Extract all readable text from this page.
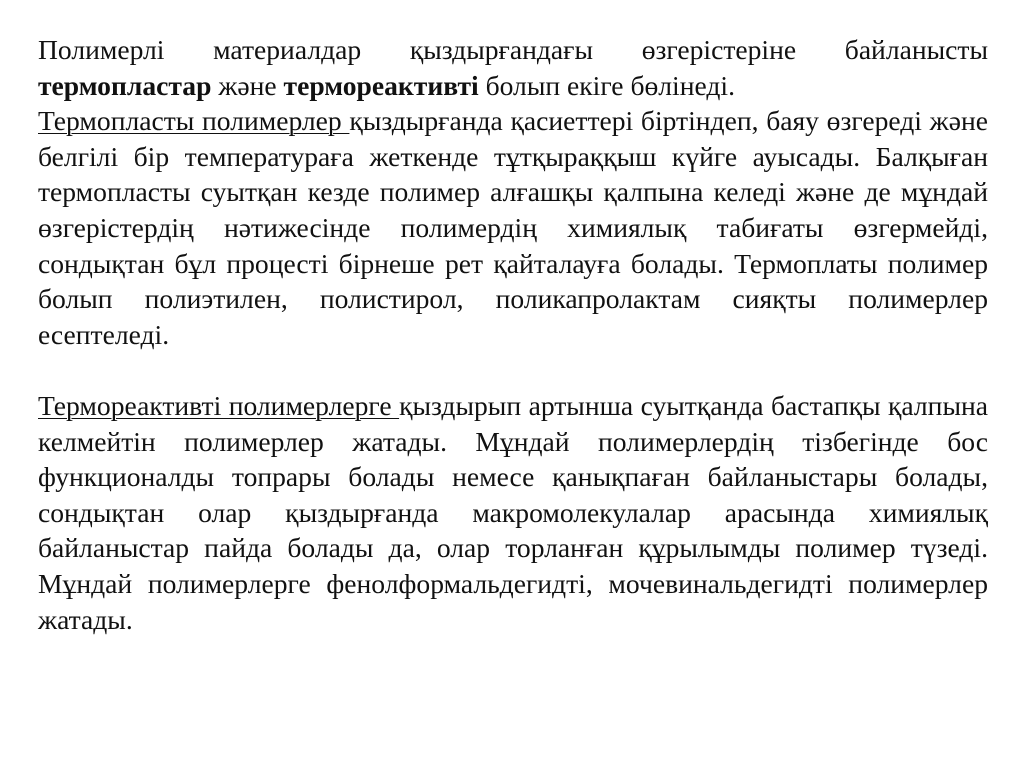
Полимерлі материалдар қыздырғандағы өзгерістеріне байланысты термопластар және термореактивті болып екіге бөлінеді.

Термопласты полимерлер қыздырғанда қасиеттері біртіндеп, баяу өзгереді және белгілі бір температураға жеткенде тұтқыраққыш күйге ауысады. Балқыған термопласты суытқан кезде полимер алғашқы қалпына келеді және де мұндай өзгерістердің нәтижесінде полимердің химиялық табиғаты өзгермейді, сондықтан бұл процесті бірнеше рет қайталауға болады. Термоплаты полимер болып полиэтилен, полистирол, поликапролактам сияқты полимерлер есептеледі.

Термореактивті полимерлерге қыздырып артынша суытқанда бастапқы қалпына келмейтін полимерлер жатады. Мұндай полимерлердің тізбегінде бос функционалды топрары болады немесе қанықпаған байланыстары болады, сондықтан олар қыздырғанда макромолекулалар арасында химиялық байланыстар пайда болады да, олар торланған құрылымды полимер түзеді. Мұндай полимерлерге фенолформальдегидті, мочевинальдегидті полимерлер жатады.
